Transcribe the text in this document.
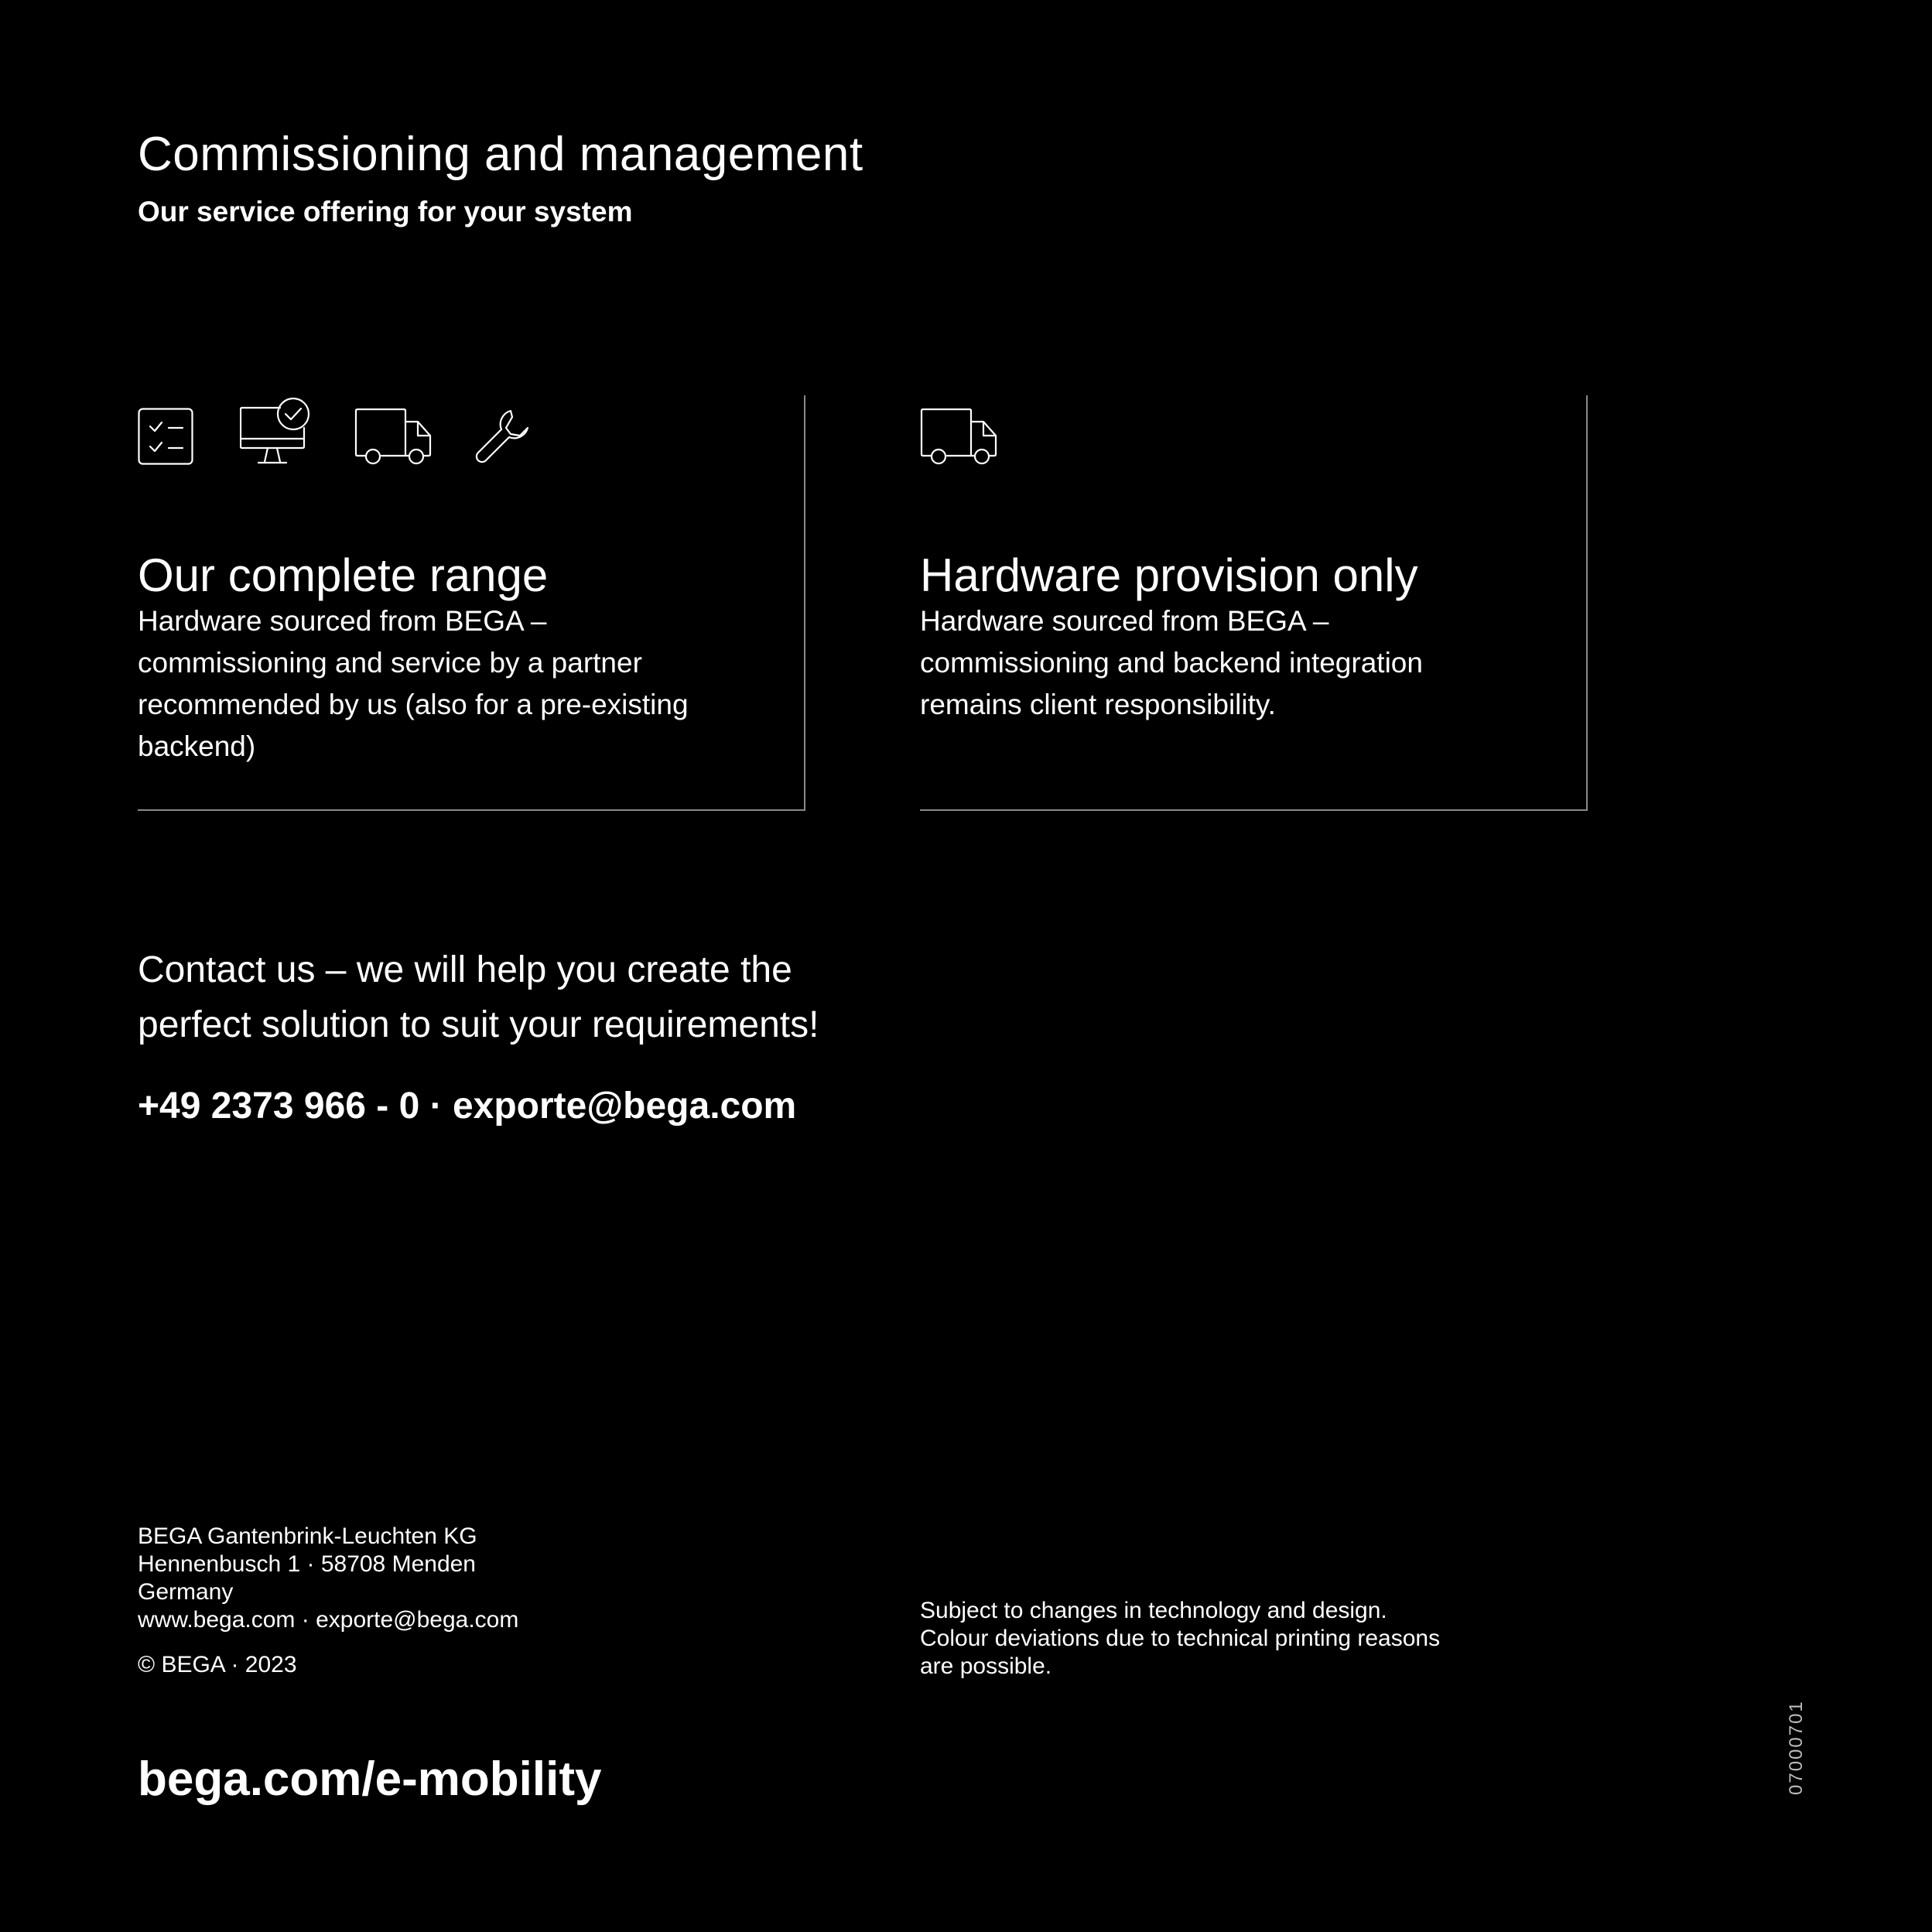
Commissioning and management

Our service offering for your system

Our complete range

Hardware sourced from BEGA –
commissioning and service by a partner
recommended by us (also for a pre-existing
backend)

Hardware provision only

Hardware sourced from BEGA –
commissioning and backend integration
remains client responsibility.

Contact us – we will help you create the
perfect solution to suit your requirements!

+49 2373 966 - 0 · exporte@bega.com

BEGA Gantenbrink-Leuchten KG
Hennenbusch 1 · 58708 Menden
Germany
www.bega.com · exporte@bega.com

© BEGA · 2023

Subject to changes in technology and design.
Colour deviations due to technical printing reasons
are possible.

bega.com/e-mobility	07000701
